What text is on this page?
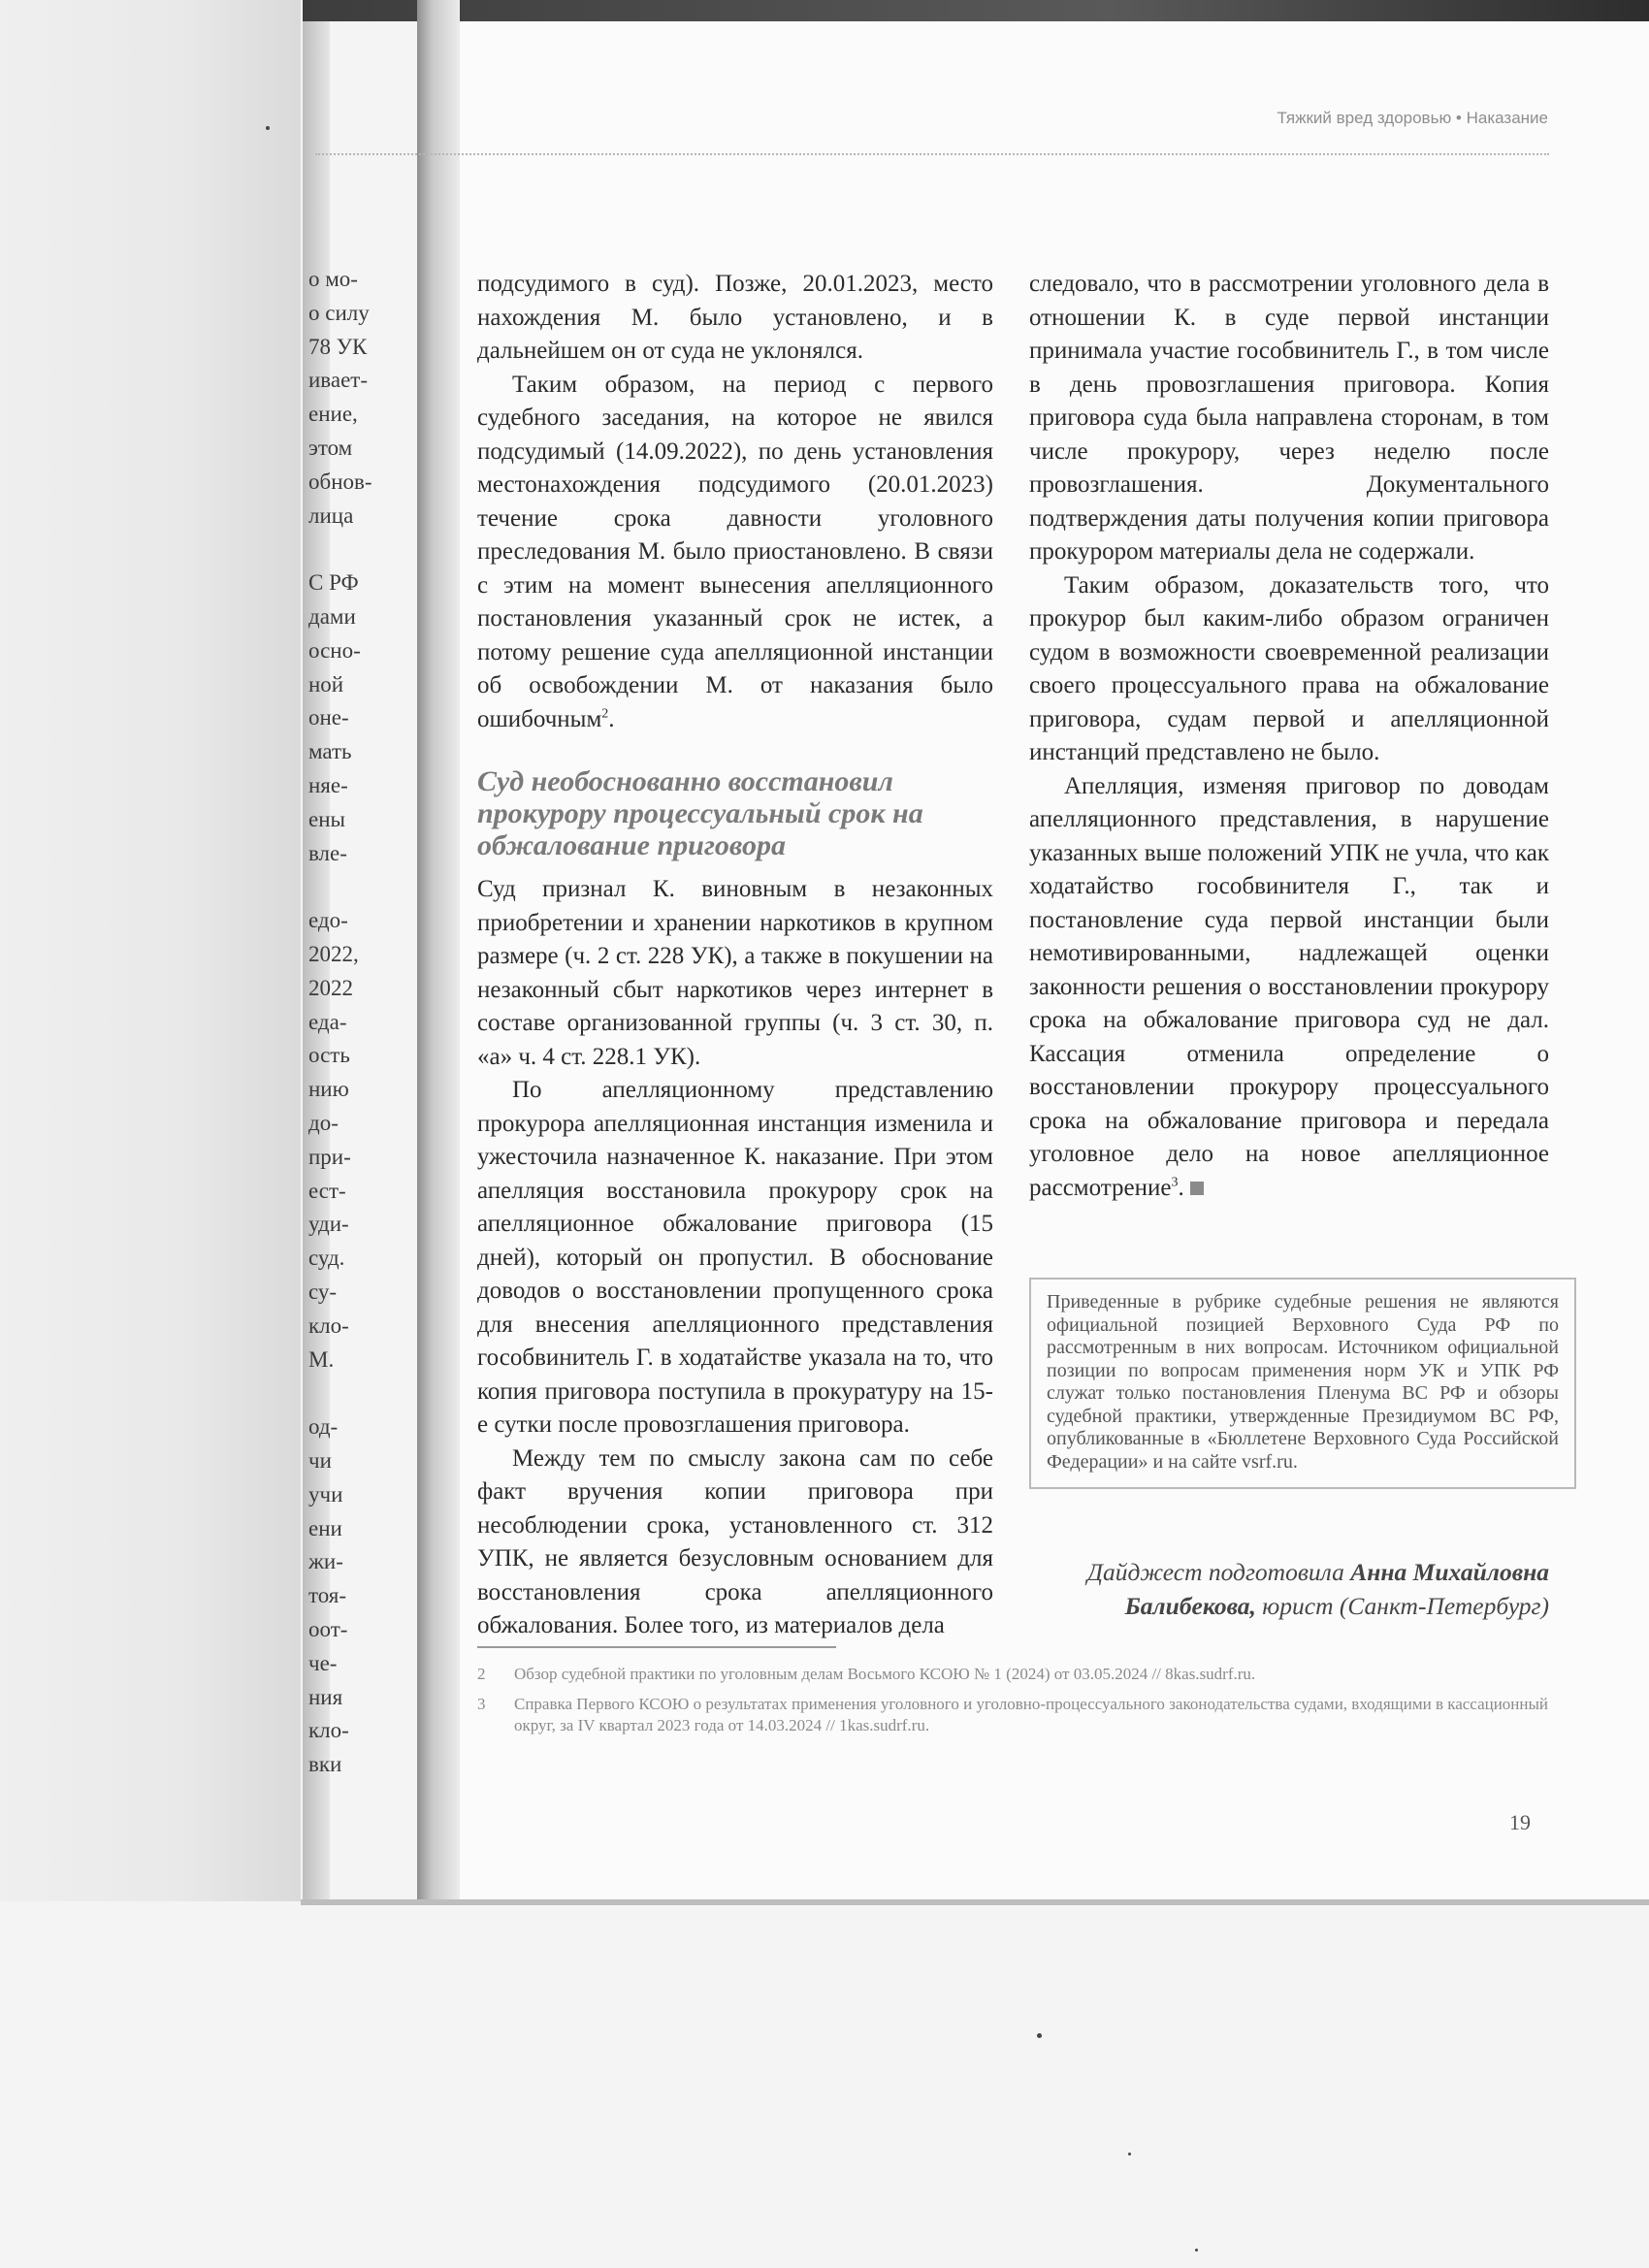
о мо-
о силу
78 УК
ивает-
ение,
этом
обнов-
лица
С РФ
дами
осно-
ной
оне-
мать
няе-
ены
вле-
едо-
2022,
2022
еда-
ость
нию
до-
при-
ест-
уди-
суд.
су-
кло-
М.
од-
чи
учи
ени
жи-
тоя-
оот-
че-
ния
кло-
вки
Тяжкий вред здоровью • Наказание

подсудимого в суд). Позже, 20.01.2023, место нахождения М. было установлено, и в дальнейшем он от суда не уклонялся.

Таким образом, на период с первого судебного заседания, на которое не явился подсудимый (14.09.2022), по день установления местонахождения подсудимого (20.01.2023) течение срока давности уголовного преследования М. было приостановлено. В связи с этим на момент вынесения апелляционного постановления указанный срок не истек, а потому решение суда апелляционной инстанции об освобождении М. от наказания было ошибочным$^2$.

Суд необоснованно восстановил прокурору процессуальный срок на обжалование приговора

Суд признал К. виновным в незаконных приобретении и хранении наркотиков в крупном размере (ч. 2 ст. 228 УК), а также в покушении на незаконный сбыт наркотиков через интернет в составе организованной группы (ч. 3 ст. 30, п. «а» ч. 4 ст. 228.1 УК).

По апелляционному представлению прокурора апелляционная инстанция изменила и ужесточила назначенное К. наказание. При этом апелляция восстановила прокурору срок на апелляционное обжалование приговора (15 дней), который он пропустил. В обоснование доводов о восстановлении пропущенного срока для внесения апелляционного представления гособвинитель Г. в ходатайстве указала на то, что копия приговора поступила в прокуратуру на 15-е сутки после провозглашения приговора.

Между тем по смыслу закона сам по себе факт вручения копии приговора при несоблюдении срока, установленного ст. 312 УПК, не является безусловным основанием для восстановления срока апелляционного обжалования. Более того, из материалов дела

следовало, что в рассмотрении уголовного дела в отношении К. в суде первой инстанции принимала участие гособвинитель Г., в том числе в день провозглашения приговора. Копия приговора суда была направлена сторонам, в том числе прокурору, через неделю после провозглашения. Документального подтверждения даты получения копии приговора прокурором материалы дела не содержали.

Таким образом, доказательств того, что прокурор был каким-либо образом ограничен судом в возможности своевременной реализации своего процессуального права на обжалование приговора, судам первой и апелляционной инстанций представлено не было.

Апелляция, изменяя приговор по доводам апелляционного представления, в нарушение указанных выше положений УПК не учла, что как ходатайство гособвинителя Г., так и постановление суда первой инстанции были немотивированными, надлежащей оценки законности решения о восстановлении прокурору срока на обжалование приговора суд не дал. Кассация отменила определение о восстановлении прокурору процессуального срока на обжалование приговора и передала уголовное дело на новое апелляционное рассмотрение$^3$.

Приведенные в рубрике судебные решения не являются официальной позицией Верховного Суда РФ по рассмотренным в них вопросам. Источником официальной позиции по вопросам применения норм УК и УПК РФ служат только постановления Пленума ВС РФ и обзоры судебной практики, утвержденные Президиумом ВС РФ, опубликованные в «Бюллетене Верховного Суда Российской Федерации» и на сайте vsrf.ru.
Дайджест подготовила Анна Михайловна Балибекова, юрист (Санкт-Петербург)
2 Обзор судебной практики по уголовным делам Восьмого КСОЮ № 1 (2024) от 03.05.2024 // 8kas.sudrf.ru.
3 Справка Первого КСОЮ о результатах применения уголовного и уголовно-процессуального законодательства судами, входящими в кассационный округ, за IV квартал 2023 года от 14.03.2024 // 1kas.sudrf.ru.
19
